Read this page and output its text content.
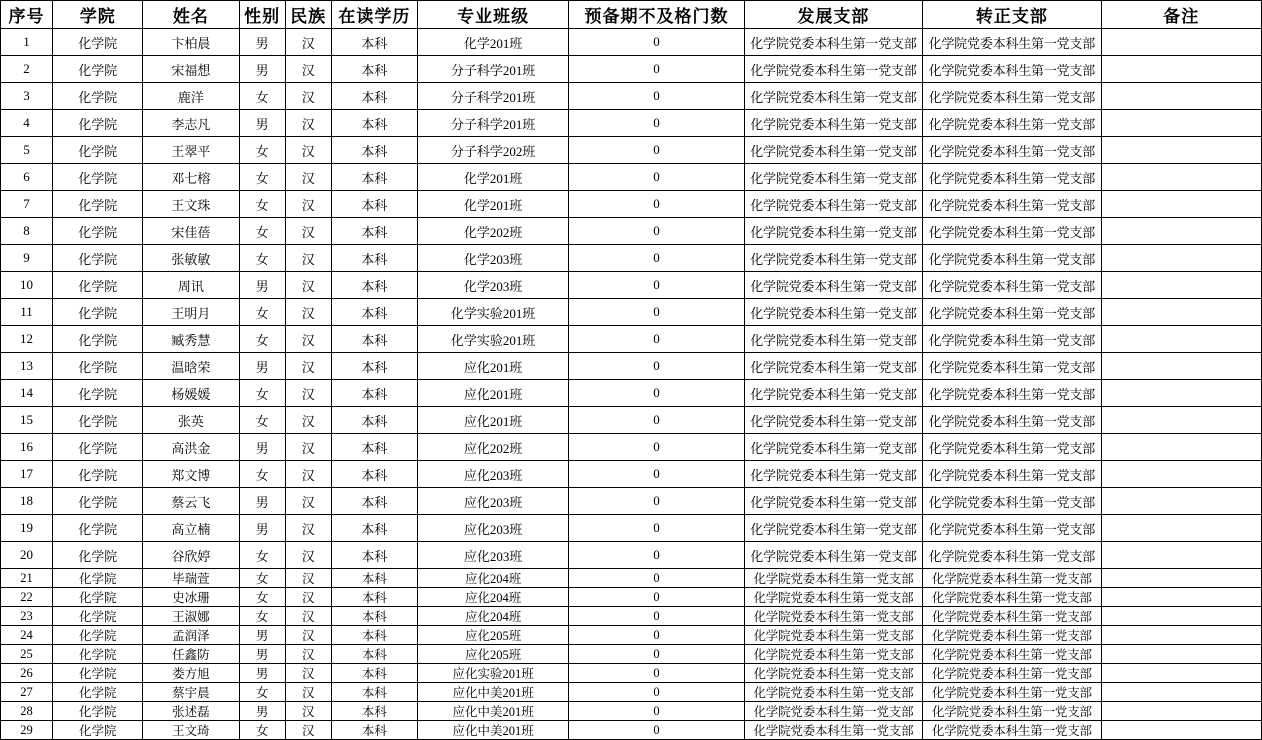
序号	学院	姓名	性别	民族	在读学历	专业班级	预备期不及格门数	发展支部	转正支部	备注
1	化学院	卞柏晨	男	汉	本科	化学201班	0	化学院党委本科生第一党支部	化学院党委本科生第一党支部	
2	化学院	宋福想	男	汉	本科	分子科学201班	0	化学院党委本科生第一党支部	化学院党委本科生第一党支部	
3	化学院	鹿洋	女	汉	本科	分子科学201班	0	化学院党委本科生第一党支部	化学院党委本科生第一党支部	
4	化学院	李志凡	男	汉	本科	分子科学201班	0	化学院党委本科生第一党支部	化学院党委本科生第一党支部	
5	化学院	王翠平	女	汉	本科	分子科学202班	0	化学院党委本科生第一党支部	化学院党委本科生第一党支部	
6	化学院	邓七榕	女	汉	本科	化学201班	0	化学院党委本科生第一党支部	化学院党委本科生第一党支部	
7	化学院	王文珠	女	汉	本科	化学201班	0	化学院党委本科生第一党支部	化学院党委本科生第一党支部	
8	化学院	宋佳蓓	女	汉	本科	化学202班	0	化学院党委本科生第一党支部	化学院党委本科生第一党支部	
9	化学院	张敏敏	女	汉	本科	化学203班	0	化学院党委本科生第一党支部	化学院党委本科生第一党支部	
10	化学院	周讯	男	汉	本科	化学203班	0	化学院党委本科生第一党支部	化学院党委本科生第一党支部	
11	化学院	王明月	女	汉	本科	化学实验201班	0	化学院党委本科生第一党支部	化学院党委本科生第一党支部	
12	化学院	臧秀慧	女	汉	本科	化学实验201班	0	化学院党委本科生第一党支部	化学院党委本科生第一党支部	
13	化学院	温晗荣	男	汉	本科	应化201班	0	化学院党委本科生第一党支部	化学院党委本科生第一党支部	
14	化学院	杨媛媛	女	汉	本科	应化201班	0	化学院党委本科生第一党支部	化学院党委本科生第一党支部	
15	化学院	张英	女	汉	本科	应化201班	0	化学院党委本科生第一党支部	化学院党委本科生第一党支部	
16	化学院	高洪金	男	汉	本科	应化202班	0	化学院党委本科生第一党支部	化学院党委本科生第一党支部	
17	化学院	郑文博	女	汉	本科	应化203班	0	化学院党委本科生第一党支部	化学院党委本科生第一党支部	
18	化学院	蔡云飞	男	汉	本科	应化203班	0	化学院党委本科生第一党支部	化学院党委本科生第一党支部	
19	化学院	高立楠	男	汉	本科	应化203班	0	化学院党委本科生第一党支部	化学院党委本科生第一党支部	
20	化学院	谷欣婷	女	汉	本科	应化203班	0	化学院党委本科生第一党支部	化学院党委本科生第一党支部	
21	化学院	毕瑞萱	女	汉	本科	应化204班	0	化学院党委本科生第一党支部	化学院党委本科生第一党支部	
22	化学院	史冰珊	女	汉	本科	应化204班	0	化学院党委本科生第一党支部	化学院党委本科生第一党支部	
23	化学院	王淑娜	女	汉	本科	应化204班	0	化学院党委本科生第一党支部	化学院党委本科生第一党支部	
24	化学院	孟润泽	男	汉	本科	应化205班	0	化学院党委本科生第一党支部	化学院党委本科生第一党支部	
25	化学院	任鑫防	男	汉	本科	应化205班	0	化学院党委本科生第一党支部	化学院党委本科生第一党支部	
26	化学院	娄方旭	男	汉	本科	应化实验201班	0	化学院党委本科生第一党支部	化学院党委本科生第一党支部	
27	化学院	蔡宇晨	女	汉	本科	应化中美201班	0	化学院党委本科生第一党支部	化学院党委本科生第一党支部	
28	化学院	张述磊	男	汉	本科	应化中美201班	0	化学院党委本科生第一党支部	化学院党委本科生第一党支部	
29	化学院	王文琦	女	汉	本科	应化中美201班	0	化学院党委本科生第一党支部	化学院党委本科生第一党支部	
